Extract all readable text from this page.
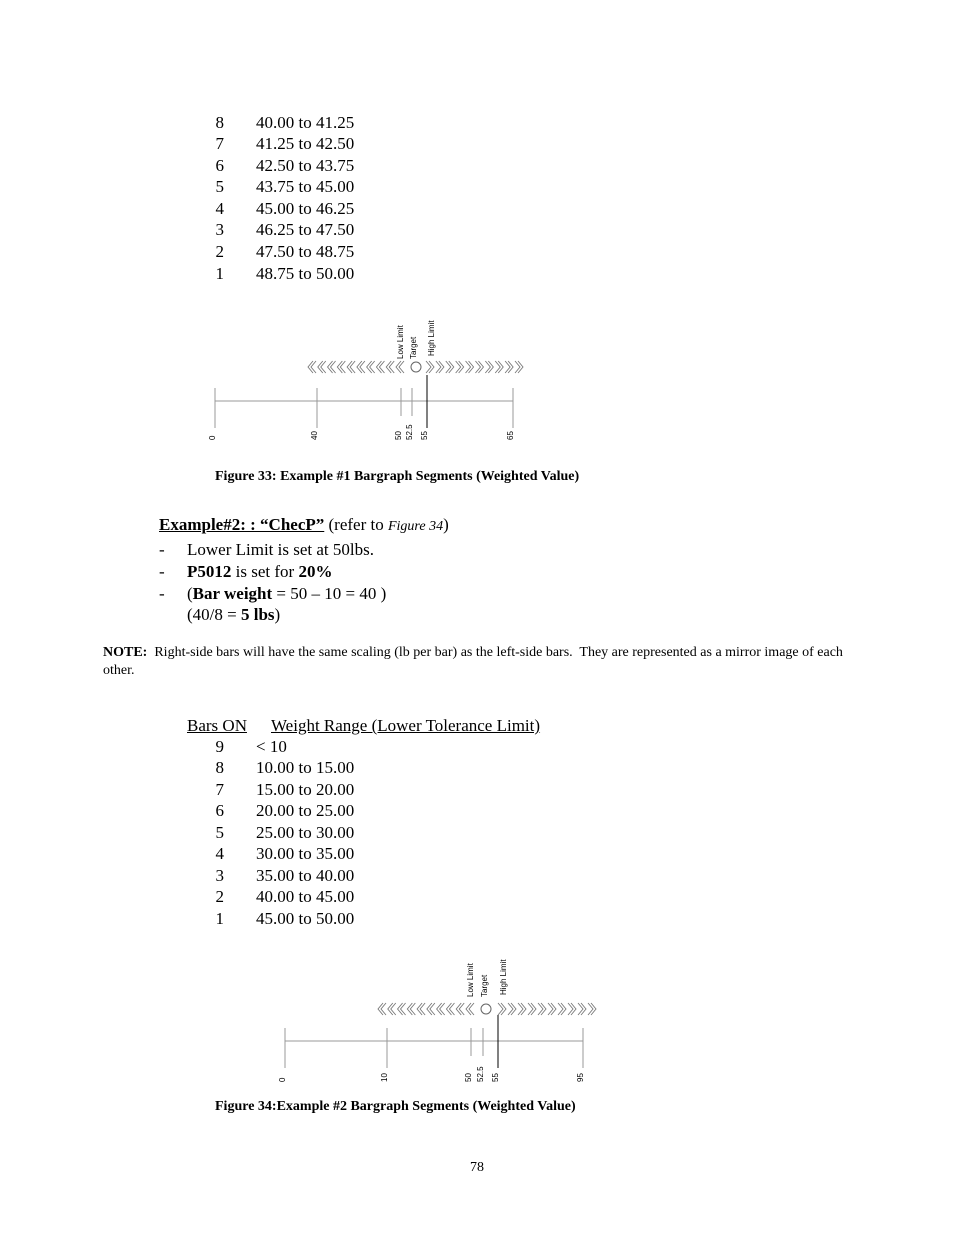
8 40.00 to 41.25
7 41.25 to 42.50
6 42.50 to 43.75
5 43.75 to 45.00
4 45.00 to 46.25
3 46.25 to 47.50
2 47.50 to 48.75
1 48.75 to 50.00
Low Limit Target High Limit
0	40	50 52.5 55	65
Figure 33: Example #1 Bargraph Segments (Weighted Value)
Example#2: : “ChecP” (refer to Figure 34)
- Lower Limit is set at 50lbs.
- P5012 is set for 20%
- (Bar weight = 50 – 10 = 40 )
(40/8 = 5 lbs)
NOTE:  Right-side bars will have the same scaling (lb per bar) as the left-side bars.  They are represented as a mirror image of each other.
Bars ON Weight Range (Lower Tolerance Limit)
9 < 10
8 10.00 to 15.00
7 15.00 to 20.00
6 20.00 to 25.00
5 25.00 to 30.00
4 30.00 to 35.00
3 35.00 to 40.00
2 40.00 to 45.00
1 45.00 to 50.00
Low Limit Target High Limit
0	10	50 52.5 55	95
Figure 34:Example #2 Bargraph Segments (Weighted Value)
78
